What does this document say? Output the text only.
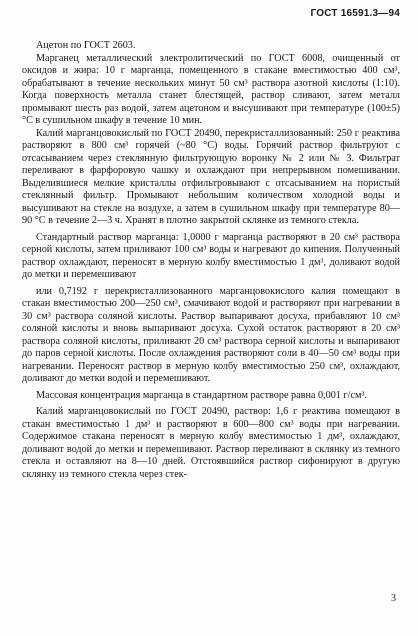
ГОСТ 16591.3—94

Ацетон по ГОСТ 2603.

Марганец металлический электролитический по ГОСТ 6008, очищенный от оксидов и жира: 10 г марганца, помещенного в стакане вместимостью 400 см³, обрабатывают в течение нескольких минут 50 см³ раствора азотной кислоты (1:10). Когда поверхность металла станет блестящей, раствор сливают, затем металл промывают шесть раз водой, затем ацетоном и высушивают при температуре (100±5) °С в сушильном шкафу в течение 10 мин.

Калий марганцовокислый по ГОСТ 20490, перекристаллизованный: 250 г реактива растворяют в 800 см³ горячей (~80 °С) воды. Горячий раствор фильтруют с отсасыванием через стеклянную фильтрующую воронку № 2 или № 3. Фильтрат переливают в фарфоровую чашку и охлаждают при непрерывном помешивании. Выделившиеся мелкие кристаллы отфильтровывают с отсасыванием на пористый стеклянный фильтр. Промывают небольшим количеством холодной воды и высушивают на стекле на воздухе, а затем в сушильном шкафу при температуре 80—90 °С в течение 2—3 ч. Хранят в плотно закрытой склянке из темного стекла.

Стандартный раствор марганца: 1,0000 г марганца растворяют в 20 см³ раствора серной кислоты, затем приливают 100 см³ воды и нагревают до кипения. Полученный раствор охлаждают, переносят в мерную колбу вместимостью 1 дм³, доливают водой до метки и перемешивают

или 0,7192 г перекристаллизованного марганцовокислого калия помещают в стакан вместимостью 200—250 см³, смачивают водой и растворяют при нагревании в 30 см³ раствора соляной кислоты. Раствор выпаривают досуха, прибавляют 10 см³ соляной кислоты и вновь выпаривают досуха. Сухой остаток растворяют в 20 см³ раствора соляной кислоты, приливают 20 см³ раствора серной кислоты и выпаривают до паров серной кислоты. После охлаждения растворяют соли в 40—50 см³ воды при нагревании. Переносят раствор в мерную колбу вместимостью 250 см³, охлаждают, доливают до метки водой и перемешивают.

Массовая концентрация марганца в стандартном растворе равна 0,001 г/см³.

Калий марганцовокислый по ГОСТ 20490, раствор: 1,6 г реактива помещают в стакан вместимостью 1 дм³ и растворяют в 600—800 см³ воды при нагревании. Содержимое стакана переносят в мерную колбу вместимостью 1 дм³, охлаждают, доливают водой до метки и перемешивают. Раствор переливают в склянку из темного стекла и оставляют на 8—10 дней. Отстоявшийся раствор сифонируют в другую склянку из темного стекла через стек-

3
